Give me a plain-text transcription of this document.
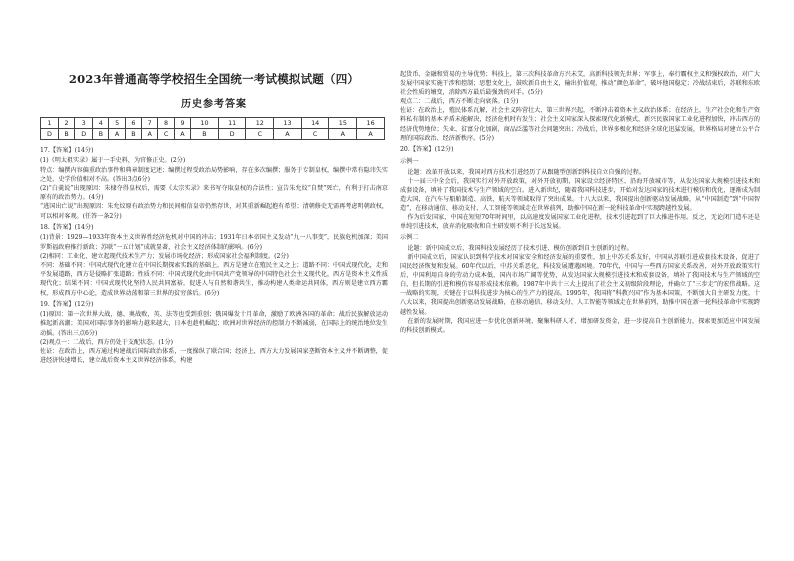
2023年普通高等学校招生全国统一考试模拟试题（四）
历史参考答案
1	2	3	4	5	6	7	8	9	10	11	12	13	14	15	16
D	B	D	B	A	B	A	C	A	B	D	C	A	C	A	A
17.【答案】(14分)
(1)《明太祖实录》属于一手史料，为官修正史。(2分)
特点：编撰内容偏重政治事件和典章制度记述；编撰过程受政治局势影响，存在多次编撰；服务于专制皇权，编撰中常有隐讳失实之处，史学价值相对不高。(答出3点6分)
(2)“白羹说”出现原因：朱棣夺得皇权后，需要《太宗实录》来书写夺取皇权的合法性；宣告朱允炆“自焚”死亡，有利于打击南京原有的政治势力。(4分)
“逃国出亡说”出现原因：朱允炆原有政治势力和民间相信皇帝仍然存世，对其重新崛起抱有希望；清朝修史无需再考虑明朝政权，可以相对客观。(任答一条2分)
18.【答案】(14分)
(1)背景：1929—1933年资本主义世界性经济危机对中国的冲击；1931年日本帝国主义发动“九一八事变”，民族危机加深；美国罗斯福政府推行新政；苏联“一五计划”成就显著，社会主义经济体制的影响。(6分)
(2)相同：工业化，建立起现代技术生产力；发展市场化经济；形成国家社会福利制度。(2分)
不同：基础不同：中国式现代化建立在中国长期探索实践的基础上，西方是建立在殖民主义之上；道路不同：中国式现代化，走和平发展道路，西方是侵略扩张道路；性质不同：中国式现代化由中国共产党领导的中国特色社会主义现代化，西方是资本主义性质现代化；结果不同：中国式现代化坚持人民共同富裕，促进人与自然和谐共生，推动构建人类命运共同体，西方则是建立西方霸权，形成西方中心论，造成世界动荡和第三世界的贫穷落后。(6分)
19.【答案】(12分)
(1)原因：第一次世界大战，德、奥战败，英、法等也受到重创；俄国爆发十月革命，激励了欧洲各国的革命；战后民族解放运动推起新高潮；美国对国际事务的影响力越来越大，日本也趁机崛起；欧洲对世界经济的控制力不断减弱，在国际上的统治地位发生动摇。(答出三点6分)
(2)观点一：二战后，西方仍处于支配状态。(1分)
佐证：在政治上，西方通过构建战后国际政治体系，一度操纵了联合国；经济上，西方大力发展国家垄断资本主义并不断调整，促进经济快速增长，建立战后资本主义世界经济体系，构建
起货币、金融和贸易的主导优势；科技上，第三次科技革命方兴未艾，高新科技领先世界；军事上，奉行霸权主义和强权政治，对广大发展中国家实施干涉和控制；思想文化上，鼓吹新自由主义，输出价值观，推动“颜色革命”，破坏他国稳定；冷战结束后，苏联和东欧社会性质的嬗变，消除西方最后最强劲的对手。(5分)
观点二：二战后，西方不断走向衰落。(1分)
佐证：在政治上，殖民体系瓦解，社会主义阵营壮大、第三世界兴起，不断冲击着资本主义政治体系；在经济上，生产社会化和生产资料私有制的基本矛盾未能解决，经济危机时有发生；社会主义国家深入探索现代化新模式，新兴民族国家工业化进程加快，冲击西方的经济优势地位；失业、贫富分化加剧，商品泛滥等社会问题突出；冷战后，世界多极化和经济全球化迅猛发展，世界格局对建立公平合理的国际政治、经济新秩序。(5分)
20.【答案】(12分)
示例一
论题：改革开放以来，我国对西方技术引进经历了从跟随型创新到科技自立自强的过程。
十一届三中全会后，我国实行对外开放政策，对外开放初期，国家设立经济特区、沿海开放城市等，从发达国家大规模引进技术和成套设备，填补了我国技术与生产领域的空白。进入新世纪，随着我国科技进步，开始对发达国家的技术进行模仿和优化，逐渐成为制造大国，在汽车与船舶制造、高铁、航天等领域取得了突出成果。十八大以来，我国提出创新驱动发展战略，从“中国制造”到“中国智造”，在移动通信、移动支付、人工智能等领域走在世界前列，助推中国在新一轮科技革命中实现跨越性发展。
作为后发国家，中国在短短70年时间里，以高速度发展国家工业化进程，技术引进起到了巨大推进作用。反之，无论闭门造车还是单纯引进技术，放弃消化吸收和自主研发则不利于长远发展。
示例二
论题：新中国成立后，我国科技发展经历了技术引进、模仿创新到自主创新的过程。
新中国成立后，国家认识到科学技术对国家安全和经济发展的重要性，加上中苏关系友好，中国从苏联引进成套技术设备，促进了国民经济恢复和发展。60年代以后，中苏关系恶化，科技发展遭遇困境。70年代，中国与一些西方国家关系改善，对外开放政策实行后，中国利用自身的劳动力成本低、国内市场广阔等优势，从发达国家大规模引进技术和成套设备，填补了我国技术与生产领域的空白，但长期的引进和模仿容易形成技术依赖。1987年中共十三大上提出了社会主义初级阶段理论，并确立了“三步走”的宏伟战略。这一战略的实现，关键在于以科技进步为核心的生产力的提高。1995年，我国将“科教兴国”作为基本国策，不断加大自主研发力度。十八大以来，我国提出创新驱动发展战略，在移动通信、移动支付、人工智能等领域走在世界前列，助推中国在新一轮科技革命中实现跨越性发展。
在新的发展时期，我国应进一步优化创新环境、聚集科研人才、增加研发资金，进一步提高自主创新能力，探索更加适应中国发展的科技创新模式。
